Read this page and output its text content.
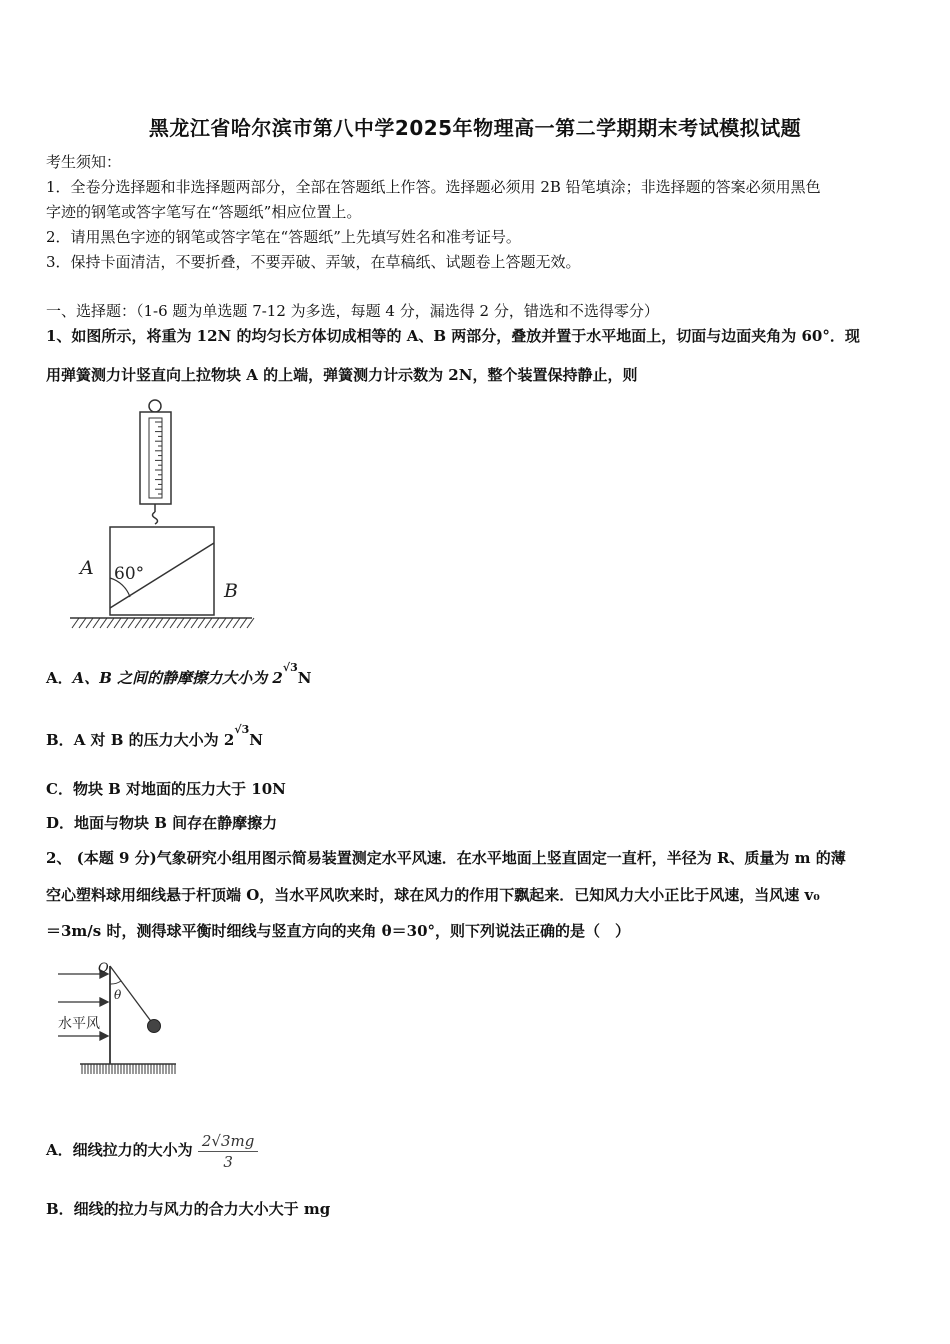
黑龙江省哈尔滨市第八中学2025年物理高一第二学期期末考试模拟试题
考生须知：
1．全卷分选择题和非选择题两部分，全部在答题纸上作答。选择题必须用 2B 铅笔填涂；非选择题的答案必须用黑色
字迹的钢笔或答字笔写在“答题纸”相应位置上。
2．请用黑色字迹的钢笔或答字笔在“答题纸”上先填写姓名和准考证号。
3．保持卡面清洁，不要折叠，不要弄破、弄皱，在草稿纸、试题卷上答题无效。
一、选择题：（1-6 题为单选题 7-12 为多选，每题 4 分，漏选得 2 分，错选和不选得零分）
1、如图所示，将重为 12N 的均匀长方体切成相等的 A、B 两部分，叠放并置于水平地面上，切面与边面夹角为 60°．现
用弹簧测力计竖直向上拉物块 A 的上端，弹簧测力计示数为 2N，整个装置保持静止，则
A 60°
B
A．A、B 之间的静摩擦力大小为 2√3N
B．A 对 B 的压力大小为 2√3N
C．物块 B 对地面的压力大于 10N
D．地面与物块 B 间存在静摩擦力
2、 (本题 9 分)气象研究小组用图示简易装置测定水平风速．在水平地面上竖直固定一直杆，半径为 R、质量为 m 的薄
空心塑料球用细线悬于杆顶端 O，当水平风吹来时，球在风力的作用下飘起来．已知风力大小正比于风速，当风速 v₀
＝3m/s 时，测得球平衡时细线与竖直方向的夹角 θ＝30°，则下列说法正确的是（　）
水平风
O
θ
A．细线拉力的大小为 $\frac{2√3mg}{3}$
B．细线的拉力与风力的合力大小大于 mg
